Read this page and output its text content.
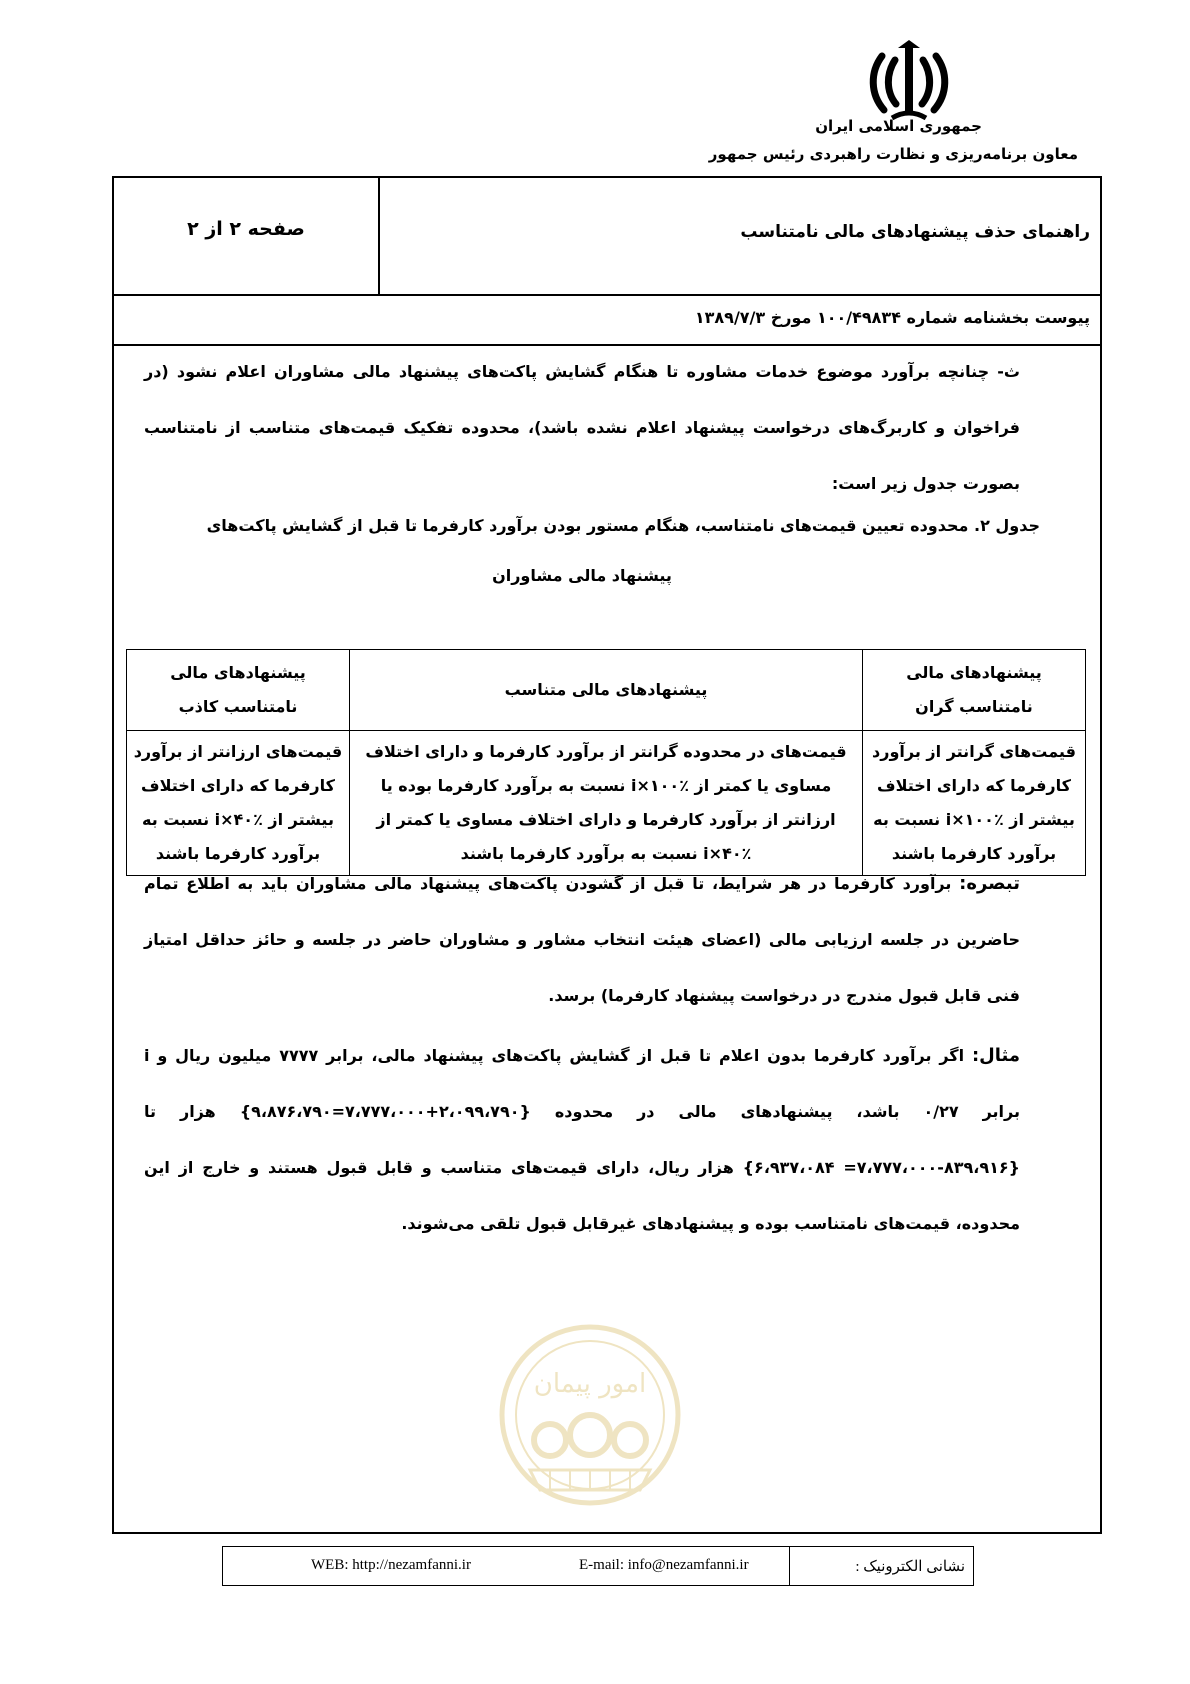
جمهوری اسلامی ایران
معاون برنامه‌ریزی و نظارت راهبردی رئیس جمهور
راهنمای حذف پیشنهادهای مالی نامتناسب
صفحه ۲ از ۲
پیوست بخشنامه شماره ۱۰۰/۴۹۸۳۴ مورخ ۱۳۸۹/۷/۳
ث- چنانچه برآورد موضوع خدمات مشاوره تا هنگام گشایش پاکت‌های پیشنهاد مالی مشاوران اعلام نشود (در فراخوان و کاربرگ‌های درخواست پیشنهاد اعلام نشده باشد)، محدوده تفکیک قیمت‌های متناسب از نامتناسب بصورت جدول زیر است:
جدول ۲. محدوده تعیین قیمت‌های نامتناسب، هنگام مستور بودن برآورد کارفرما تا قبل از گشایش پاکت‌های
پیشنهاد مالی مشاوران
پیشنهادهای مالی نامتناسب گران	پیشنهادهای مالی متناسب	پیشنهادهای مالی نامتناسب کاذب
قیمت‌های گرانتر از برآورد کارفرما که دارای اختلاف بیشتر از i×۱۰۰٪ نسبت به برآورد کارفرما باشند	قیمت‌های در محدوده گرانتر از برآورد کارفرما و دارای اختلاف مساوی یا کمتر از i×۱۰۰٪ نسبت به برآورد کارفرما بوده یا ارزانتر از برآورد کارفرما و دارای اختلاف مساوی یا کمتر از i×۴۰٪ نسبت به برآورد کارفرما باشند	قیمت‌های ارزانتر از برآورد کارفرما که دارای اختلاف بیشتر از i×۴۰٪ نسبت به برآورد کارفرما باشند
تبصره: برآورد کارفرما در هر شرایط، تا قبل از گشودن پاکت‌های پیشنهاد مالی مشاوران باید به اطلاع تمام حاضرین در جلسه ارزیابی مالی (اعضای هیئت انتخاب مشاور و مشاوران حاضر در جلسه و حائز حداقل امتیاز فنی قابل قبول مندرج در درخواست پیشنهاد کارفرما) برسد.
مثال: اگر برآورد کارفرما بدون اعلام تا قبل از گشایش پاکت‌های پیشنهاد مالی، برابر ۷۷۷۷ میلیون ریال و i برابر ۰/۲۷ باشد، پیشنهادهای مالی در محدوده {۲،۰۹۹،۷۹۰+۷،۷۷۷،۰۰۰=۹،۸۷۶،۷۹۰} هزار تا {۸۳۹،۹۱۶-۷،۷۷۷،۰۰۰= ۶،۹۳۷،۰۸۴} هزار ریال، دارای قیمت‌های متناسب و قابل قبول هستند و خارج از این محدوده، قیمت‌های نامتناسب بوده و پیشنهادهای غیرقابل قبول تلقی می‌شوند.
امور پیمان
نشانی الکترونیک :
WEB: http://nezamfanni.ir	E-mail: info@nezamfanni.ir
